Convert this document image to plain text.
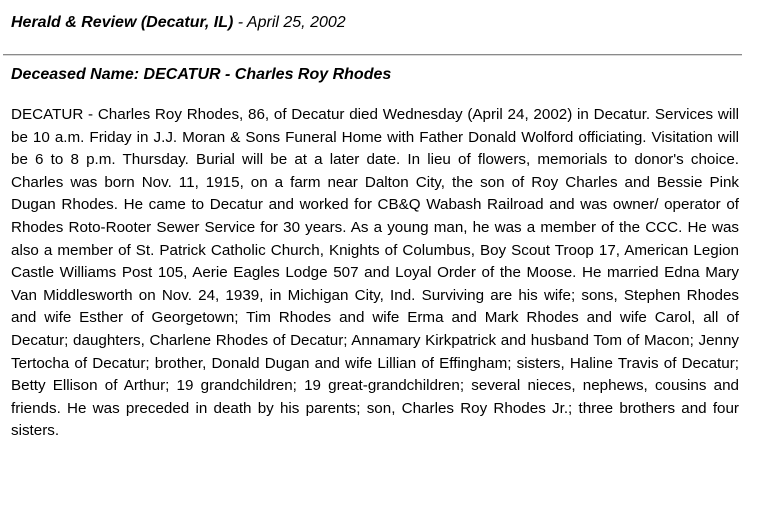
Herald & Review (Decatur, IL) - April 25, 2002
Deceased Name: DECATUR - Charles Roy Rhodes

DECATUR - Charles Roy Rhodes, 86, of Decatur died Wednesday (April 24, 2002) in Decatur. Services will be 10 a.m. Friday in J.J. Moran & Sons Funeral Home with Father Donald Wolford officiating. Visitation will be 6 to 8 p.m. Thursday. Burial will be at a later date. In lieu of flowers, memorials to donor's choice. Charles was born Nov. 11, 1915, on a farm near Dalton City, the son of Roy Charles and Bessie Pink Dugan Rhodes. He came to Decatur and worked for CB&Q Wabash Railroad and was owner/ operator of Rhodes Roto-Rooter Sewer Service for 30 years. As a young man, he was a member of the CCC. He was also a member of St. Patrick Catholic Church, Knights of Columbus, Boy Scout Troop 17, American Legion Castle Williams Post 105, Aerie Eagles Lodge 507 and Loyal Order of the Moose. He married Edna Mary Van Middlesworth on Nov. 24, 1939, in Michigan City, Ind. Surviving are his wife; sons, Stephen Rhodes and wife Esther of Georgetown; Tim Rhodes and wife Erma and Mark Rhodes and wife Carol, all of Decatur; daughters, Charlene Rhodes of Decatur; Annamary Kirkpatrick and husband Tom of Macon; Jenny Tertocha of Decatur; brother, Donald Dugan and wife Lillian of Effingham; sisters, Haline Travis of Decatur; Betty Ellison of Arthur; 19 grandchildren; 19 great-grandchildren; several nieces, nephews, cousins and friends. He was preceded in death by his parents; son, Charles Roy Rhodes Jr.; three brothers and four sisters.
